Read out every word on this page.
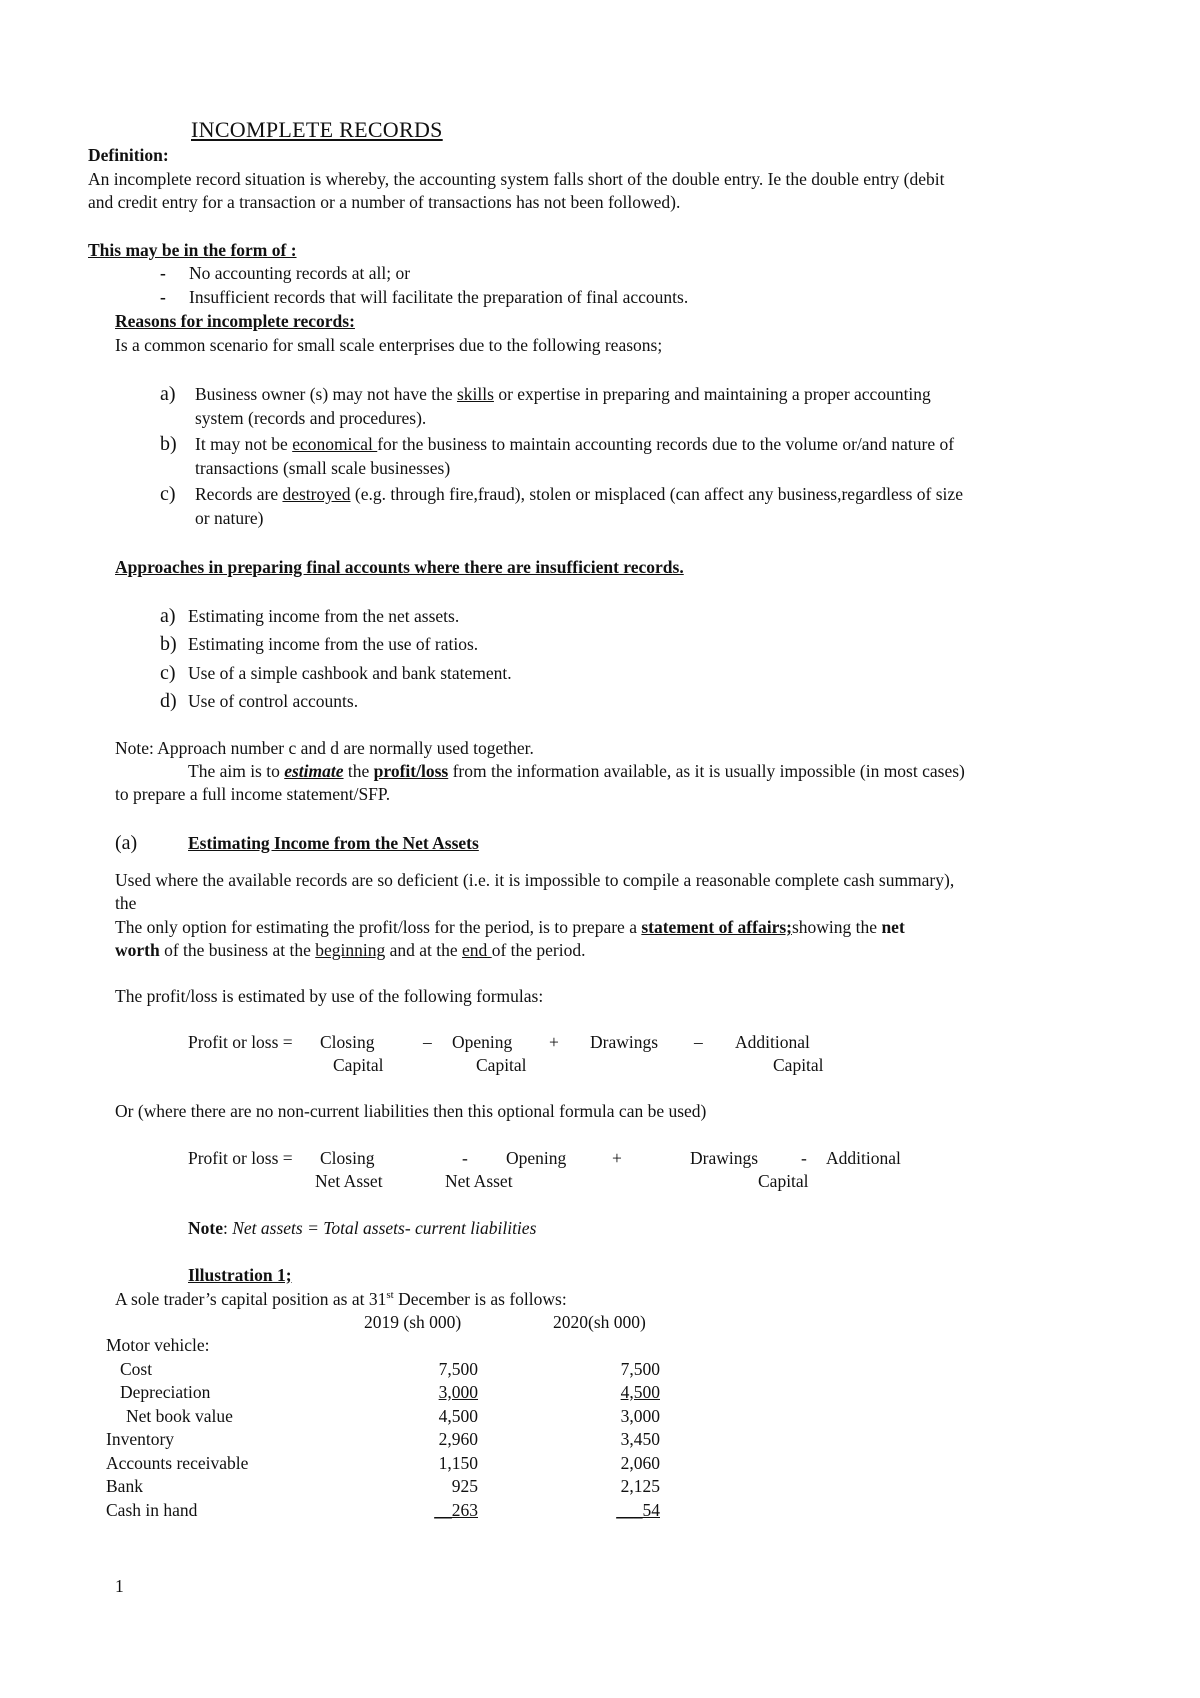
INCOMPLETE RECORDS
Definition:
An incomplete record situation is whereby, the accounting system falls short of the double entry. Ie the double entry (debit
and credit entry for a transaction or a number of transactions has not been followed).
This may be in the form of :
- No accounting records at all; or
- Insufficient records that will facilitate the preparation of final accounts.
Reasons for incomplete records:
Is a common scenario for small scale enterprises due to the following reasons;
a) Business owner (s) may not have the skills or expertise in preparing and maintaining a proper accounting
system (records and procedures).
b) It may not be economical for the business to maintain accounting records due to the volume or/and nature of
transactions (small scale businesses)
c) Records are destroyed (e.g. through fire,fraud), stolen or misplaced (can affect any business,regardless of size
or nature)
Approaches in preparing final accounts where there are insufficient records.
a) Estimating income from the net assets.
b) Estimating income from the use of ratios.
c) Use of a simple cashbook and bank statement.
d) Use of control accounts.
Note: Approach number c and d are normally used together.
The aim is to estimate the profit/loss from the information available, as it is usually impossible (in most cases)
to prepare a full income statement/SFP.
(a)	Estimating Income from the Net Assets
Used where the available records are so deficient (i.e. it is impossible to compile a reasonable complete cash summary),
the
The only option for estimating the profit/loss for the period, is to prepare a statement of affairs;showing the net
worth of the business at the beginning and at the end of the period.
The profit/loss is estimated by use of the following formulas:
Profit or loss = Closing	– Opening + Drawings – Additional
Capital	Capital	Capital
Or (where there are no non-current liabilities then this optional formula can be used)
Profit or loss = Closing	- Opening	+	Drawings - Additional
Net Asset	Net Asset	Capital
Note: Net assets = Total assets- current liabilities
Illustration 1;
A sole trader’s capital position as at 31st December is as follows:
2019 (sh 000)	2020(sh 000)
Motor vehicle:
Cost	7,500	7,500
Depreciation	3,000	4,500
Net book value	4,500	3,000
Inventory	2,960	3,450
Accounts receivable	1,150	2,060
Bank	925	2,125
Cash in hand	__263	___54
1
